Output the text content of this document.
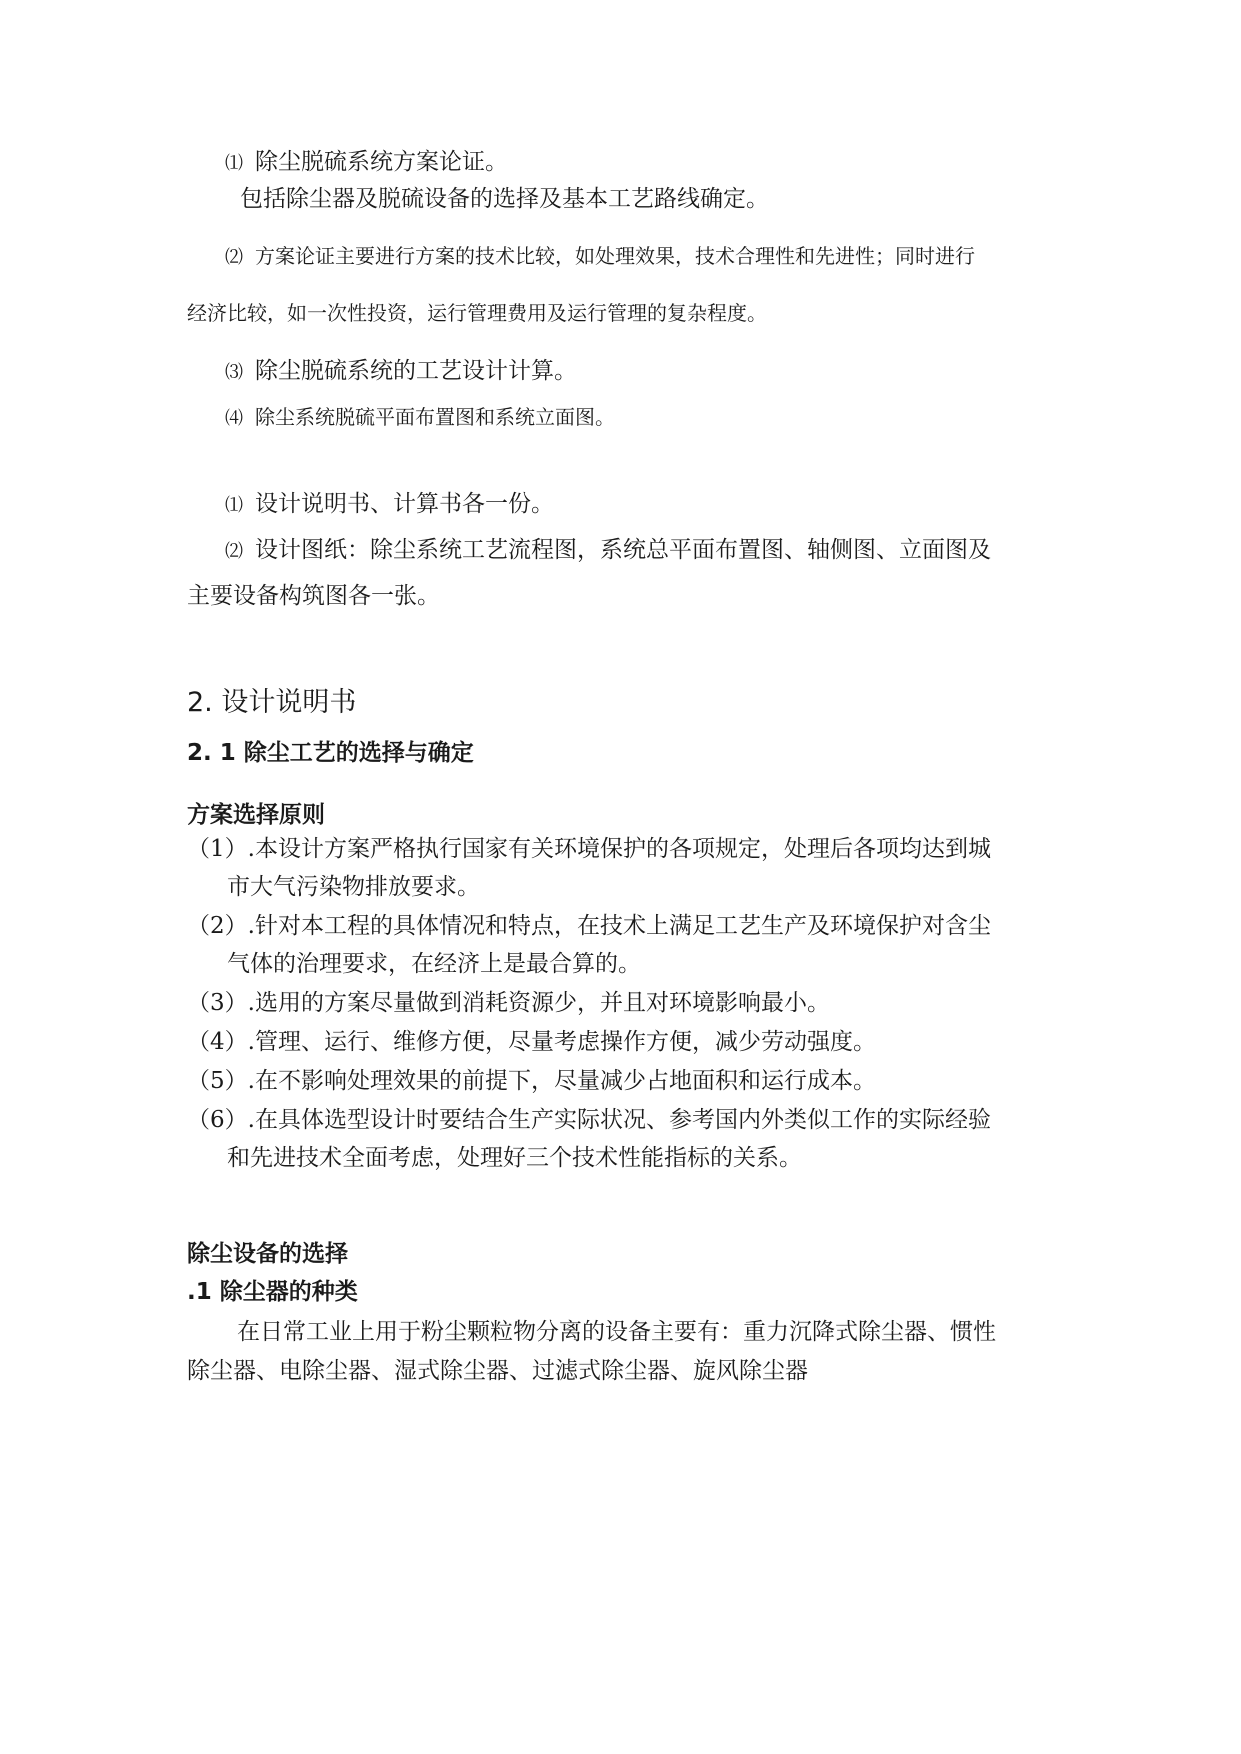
⑴ 除尘脱硫系统方案论证。
包括除尘器及脱硫设备的选择及基本工艺路线确定。
⑵ 方案论证主要进行方案的技术比较，如处理效果，技术合理性和先进性；同时进行
经济比较，如一次性投资，运行管理费用及运行管理的复杂程度。
⑶ 除尘脱硫系统的工艺设计计算。
⑷ 除尘系统脱硫平面布置图和系统立面图。
⑴ 设计说明书、计算书各一份。
⑵ 设计图纸：除尘系统工艺流程图，系统总平面布置图、轴侧图、立面图及
主要设备构筑图各一张。
2. 设计说明书
2. 1 除尘工艺的选择与确定
方案选择原则
（1）.本设计方案严格执行国家有关环境保护的各项规定，处理后各项均达到城
市大气污染物排放要求。
（2）.针对本工程的具体情况和特点，在技术上满足工艺生产及环境保护对含尘
气体的治理要求，在经济上是最合算的。
（3）.选用的方案尽量做到消耗资源少，并且对环境影响最小。
（4）.管理、运行、维修方便，尽量考虑操作方便，减少劳动强度。
（5）.在不影响处理效果的前提下，尽量减少占地面积和运行成本。
（6）.在具体选型设计时要结合生产实际状况、参考国内外类似工作的实际经验
和先进技术全面考虑，处理好三个技术性能指标的关系。
除尘设备的选择
.1 除尘器的种类
在日常工业上用于粉尘颗粒物分离的设备主要有：重力沉降式除尘器、惯性
除尘器、电除尘器、湿式除尘器、过滤式除尘器、旋风除尘器
